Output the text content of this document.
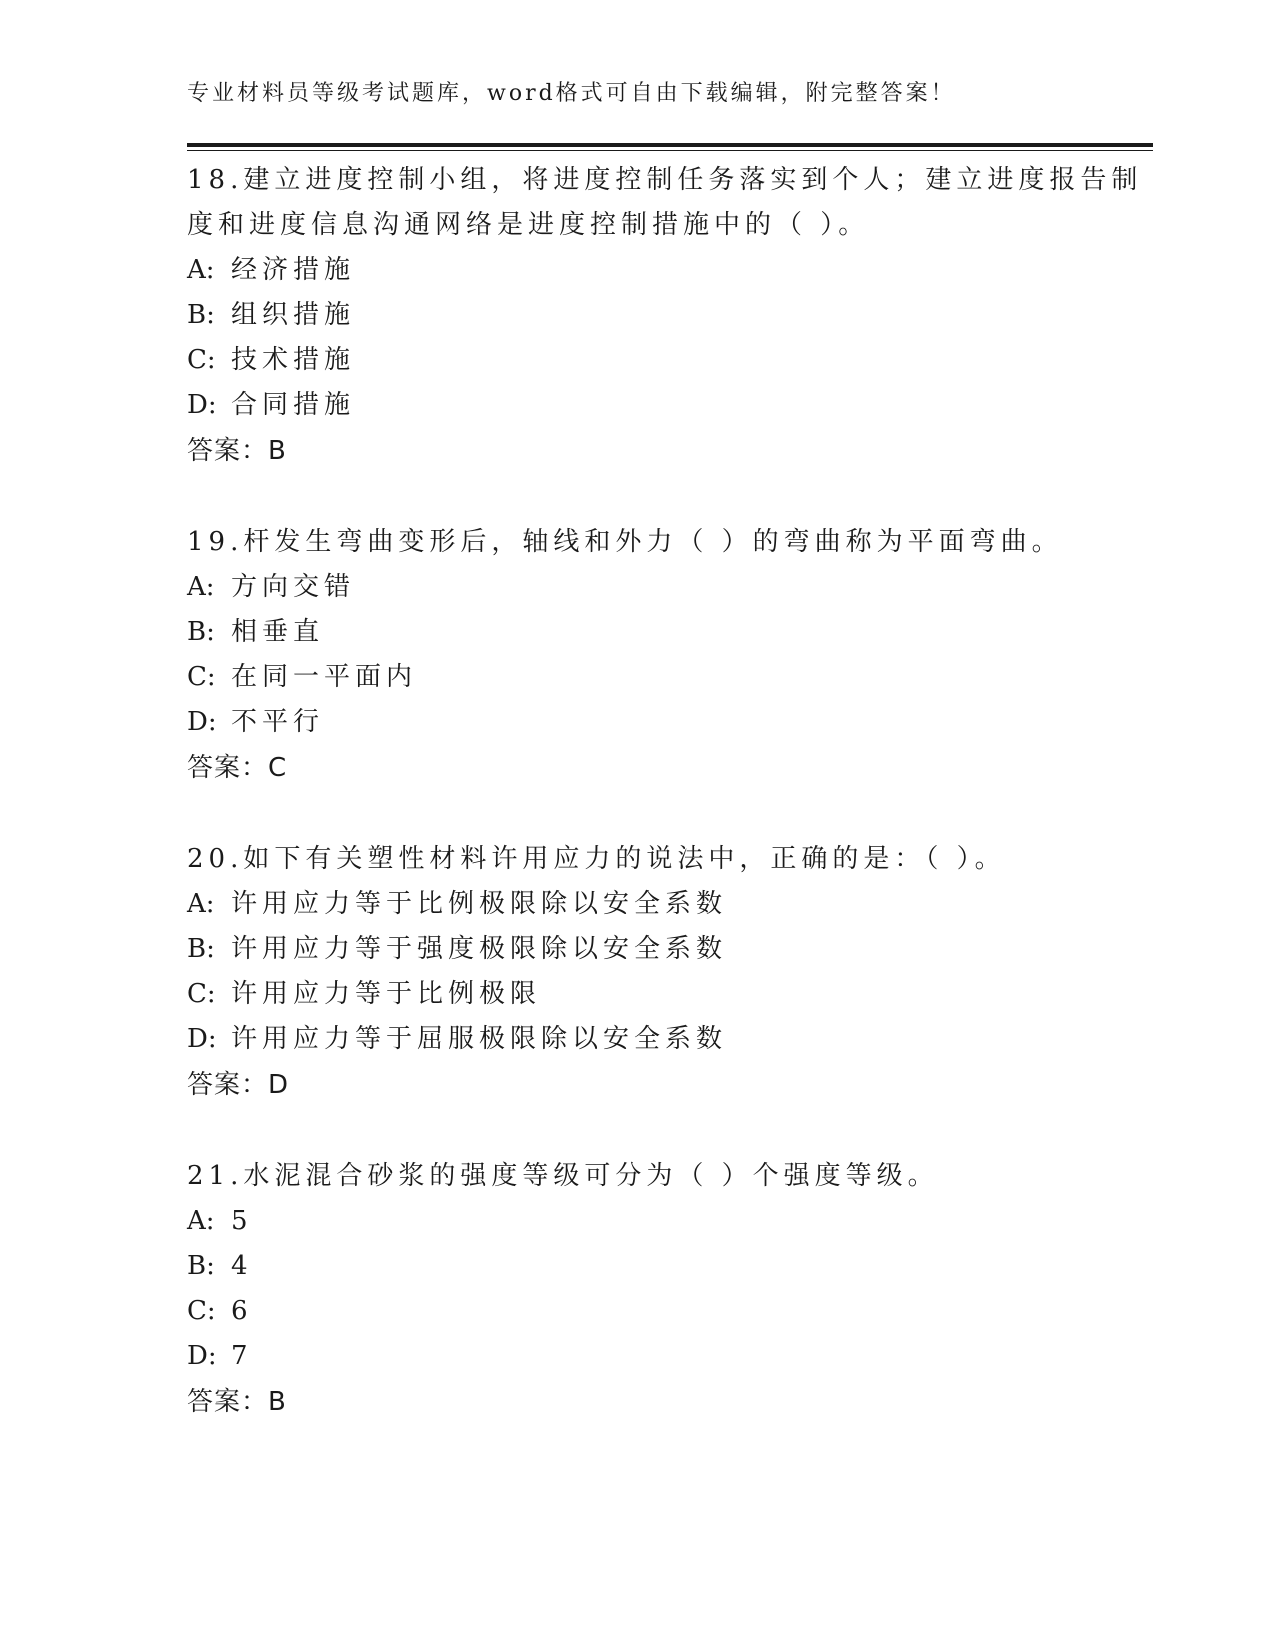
专业材料员等级考试题库，word格式可自由下载编辑，附完整答案！
18.建立进度控制小组，将进度控制任务落实到个人；建立进度报告制
度和进度信息沟通网络是进度控制措施中的（ ）。
A: 经济措施
B: 组织措施
C: 技术措施
D: 合同措施
答案：B
19.杆发生弯曲变形后，轴线和外力（ ）的弯曲称为平面弯曲。
A: 方向交错
B: 相垂直
C: 在同一平面内
D: 不平行
答案：C
20.如下有关塑性材料许用应力的说法中，正确的是：（ ）。
A: 许用应力等于比例极限除以安全系数
B: 许用应力等于强度极限除以安全系数
C: 许用应力等于比例极限
D: 许用应力等于屈服极限除以安全系数
答案：D
21.水泥混合砂浆的强度等级可分为（ ）个强度等级。
A: 5
B: 4
C: 6
D: 7
答案：B
